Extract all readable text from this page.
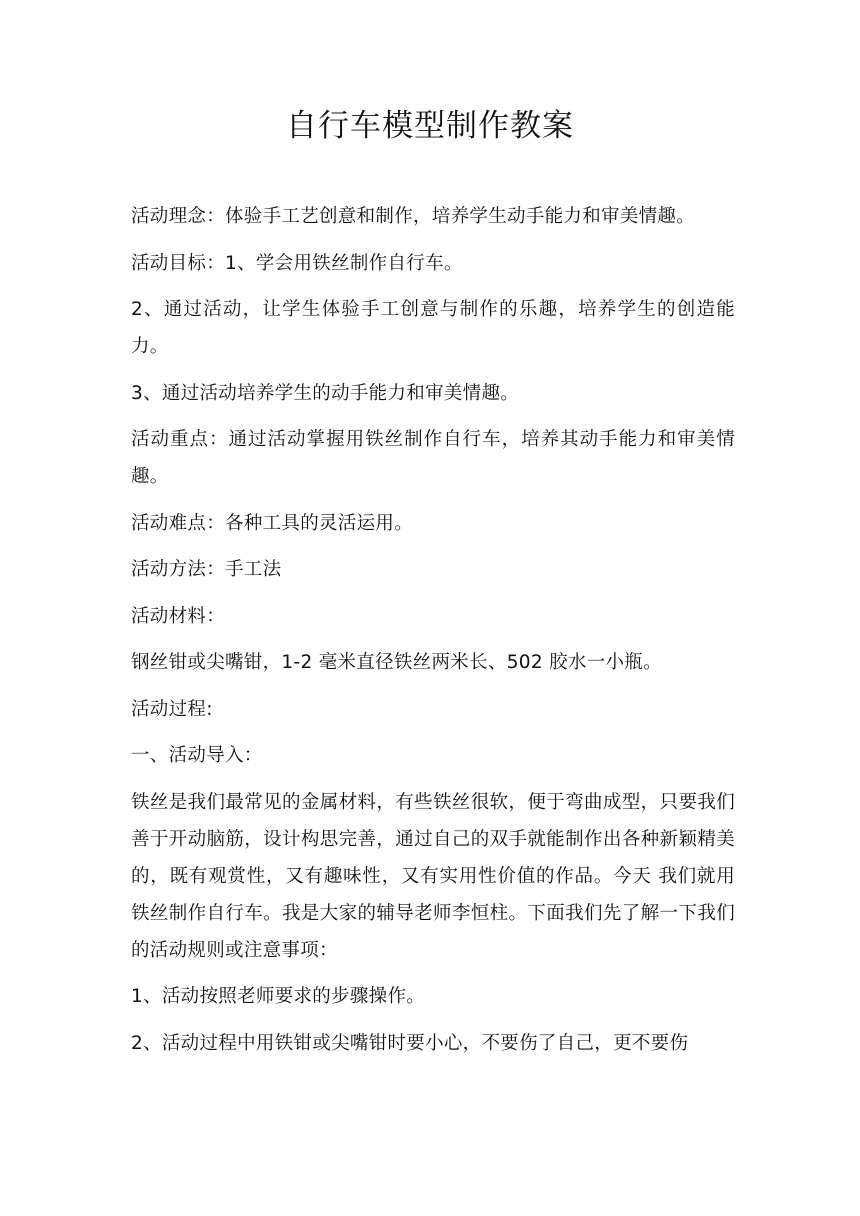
自行车模型制作教案

活动理念：体验手工艺创意和制作，培养学生动手能力和审美情趣。

活动目标：1、学会用铁丝制作自行车。

2、通过活动，让学生体验手工创意与制作的乐趣，培养学生的创造能力。

3、通过活动培养学生的动手能力和审美情趣。

活动重点：通过活动掌握用铁丝制作自行车，培养其动手能力和审美情趣。

活动难点：各种工具的灵活运用。

活动方法：手工法

活动材料：

钢丝钳或尖嘴钳，1-2 毫米直径铁丝两米长、502 胶水一小瓶。

活动过程:

一、活动导入：

铁丝是我们最常见的金属材料，有些铁丝很软，便于弯曲成型，只要我们善于开动脑筋，设计构思完善，通过自己的双手就能制作出各种新颖精美的，既有观赏性，又有趣味性，又有实用性价值的作品。今天 我们就用铁丝制作自行车。我是大家的辅导老师李恒柱。下面我们先了解一下我们的活动规则或注意事项：

1、活动按照老师要求的步骤操作。

2、活动过程中用铁钳或尖嘴钳时要小心，不要伤了自己，更不要伤
